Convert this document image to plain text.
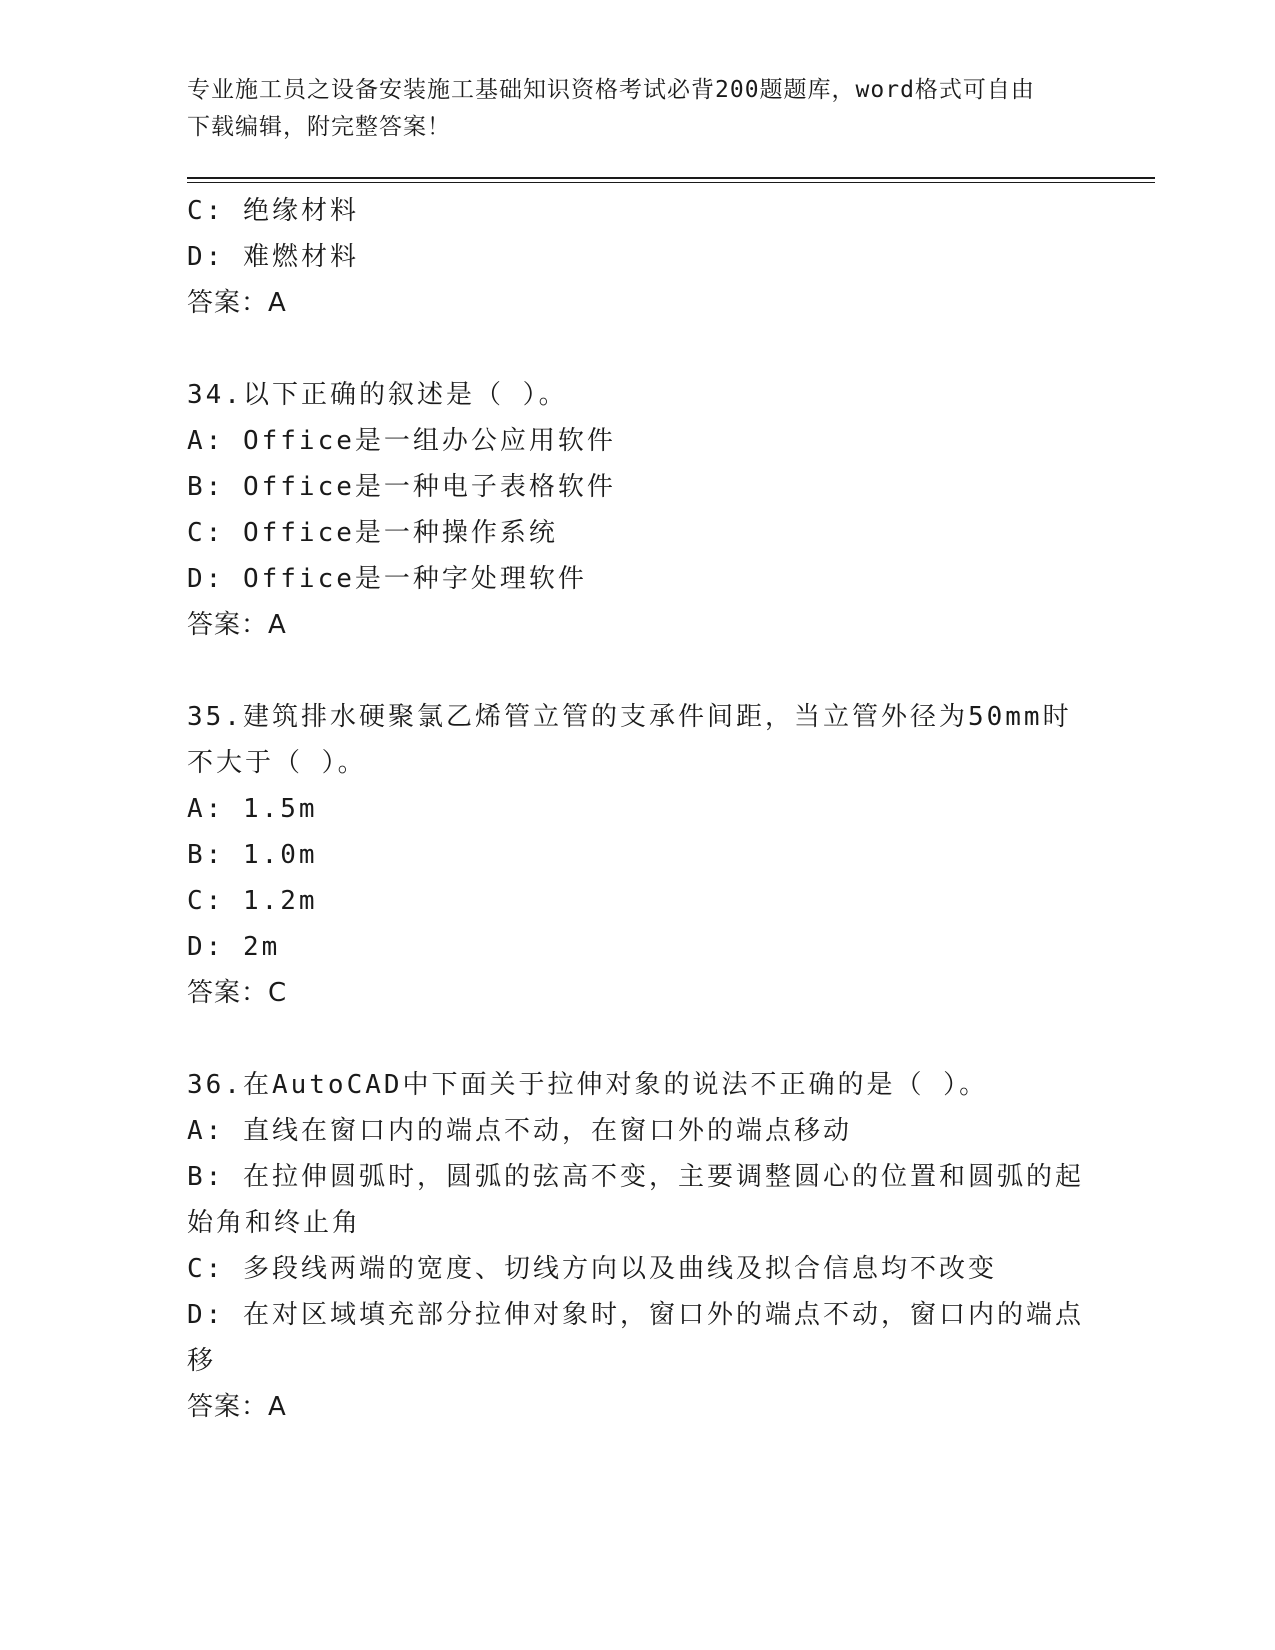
专业施工员之设备安装施工基础知识资格考试必背200题题库，word格式可自由
下载编辑，附完整答案！
C: 绝缘材料
D: 难燃材料
答案：A
34.以下正确的叙述是（ ）。
A: Office是一组办公应用软件
B: Office是一种电子表格软件
C: Office是一种操作系统
D: Office是一种字处理软件
答案：A
35.建筑排水硬聚氯乙烯管立管的支承件间距，当立管外径为50mm时
不大于（ ）。
A: 1.5m
B: 1.0m
C: 1.2m
D: 2m
答案：C
36.在AutoCAD中下面关于拉伸对象的说法不正确的是（ ）。
A: 直线在窗口内的端点不动，在窗口外的端点移动
B: 在拉伸圆弧时，圆弧的弦高不变，主要调整圆心的位置和圆弧的起
始角和终止角
C: 多段线两端的宽度、切线方向以及曲线及拟合信息均不改变
D: 在对区域填充部分拉伸对象时，窗口外的端点不动，窗口内的端点
移
答案：A
